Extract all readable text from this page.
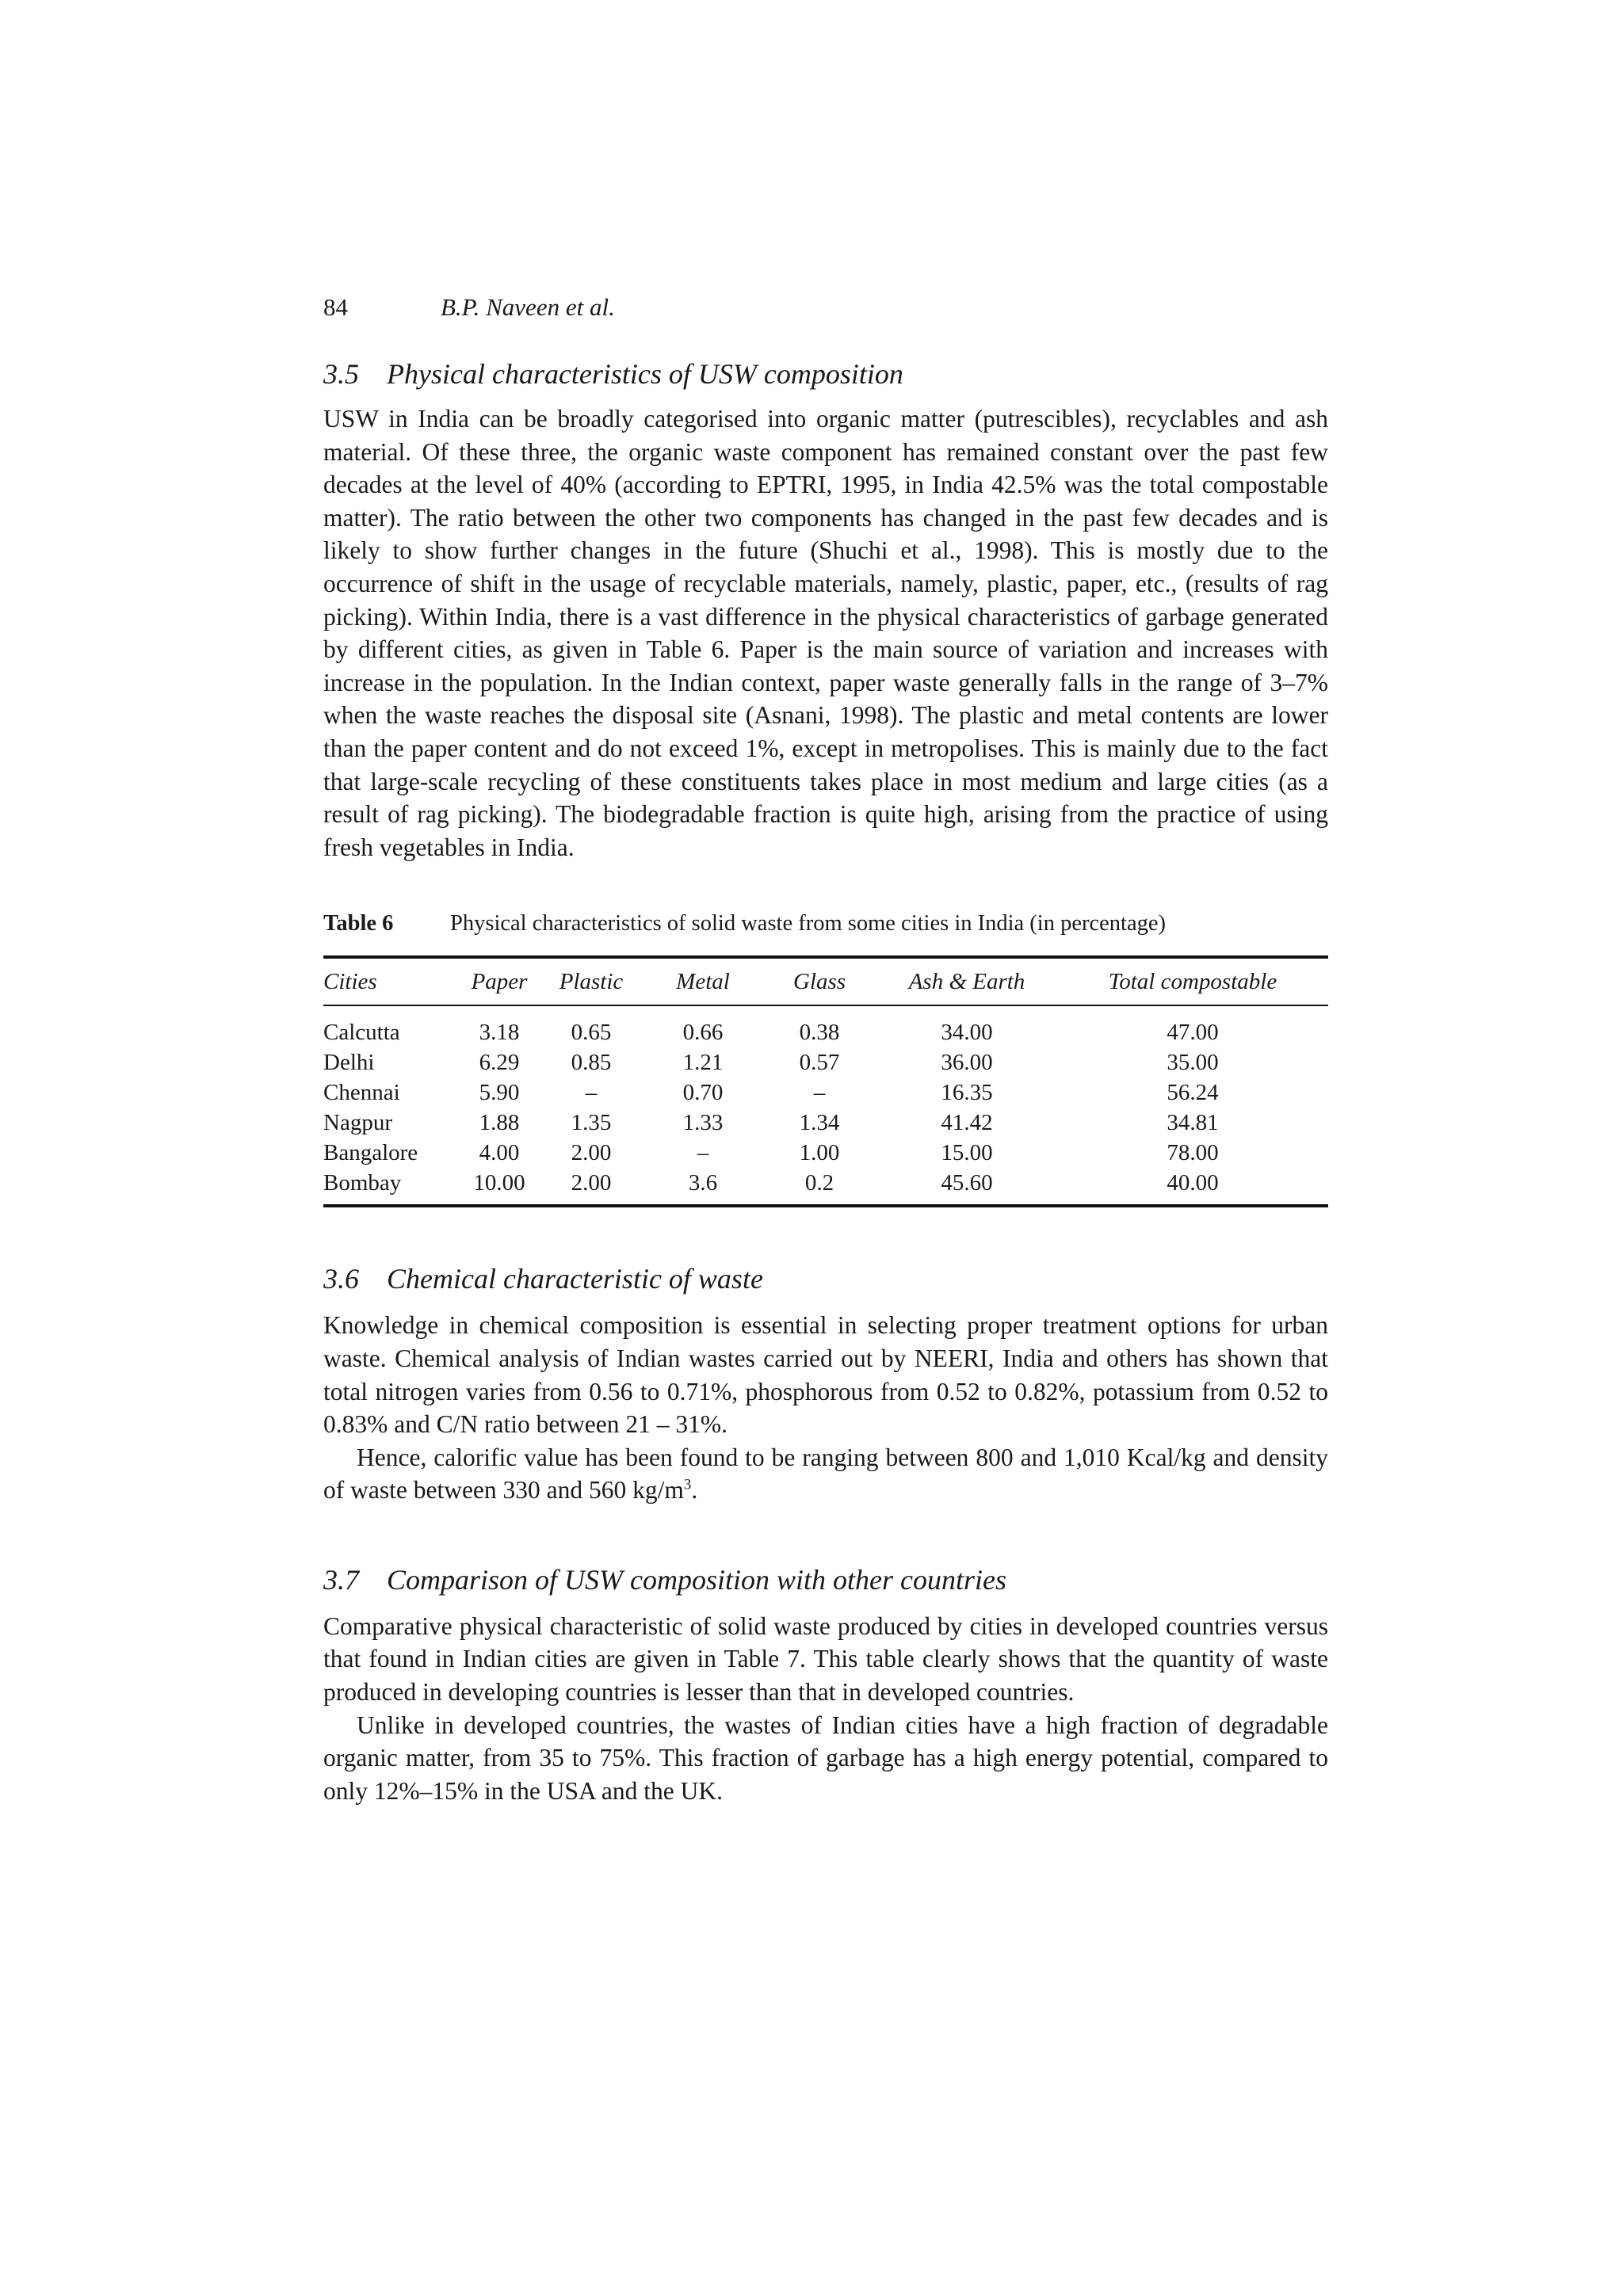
84	B.P. Naveen et al.
3.5 Physical characteristics of USW composition

USW in India can be broadly categorised into organic matter (putrescibles), recyclables and ash material. Of these three, the organic waste component has remained constant over the past few decades at the level of 40% (according to EPTRI, 1995, in India 42.5% was the total compostable matter). The ratio between the other two components has changed in the past few decades and is likely to show further changes in the future (Shuchi et al., 1998). This is mostly due to the occurrence of shift in the usage of recyclable materials, namely, plastic, paper, etc., (results of rag picking). Within India, there is a vast difference in the physical characteristics of garbage generated by different cities, as given in Table 6. Paper is the main source of variation and increases with increase in the population. In the Indian context, paper waste generally falls in the range of 3–7% when the waste reaches the disposal site (Asnani, 1998). The plastic and metal contents are lower than the paper content and do not exceed 1%, except in metropolises. This is mainly due to the fact that large-scale recycling of these constituents takes place in most medium and large cities (as a result of rag picking). The biodegradable fraction is quite high, arising from the practice of using fresh vegetables in India.

Table 6	Physical characteristics of solid waste from some cities in India (in percentage)
Cities	Paper	Plastic	Metal	Glass	Ash & Earth	Total compostable
Calcutta	3.18	0.65	0.66	0.38	34.00	47.00
Delhi	6.29	0.85	1.21	0.57	36.00	35.00
Chennai	5.90	–	0.70	–	16.35	56.24
Nagpur	1.88	1.35	1.33	1.34	41.42	34.81
Bangalore	4.00	2.00	–	1.00	15.00	78.00
Bombay	10.00	2.00	3.6	0.2	45.60	40.00
3.6 Chemical characteristic of waste

Knowledge in chemical composition is essential in selecting proper treatment options for urban waste. Chemical analysis of Indian wastes carried out by NEERI, India and others has shown that total nitrogen varies from 0.56 to 0.71%, phosphorous from 0.52 to 0.82%, potassium from 0.52 to 0.83% and C/N ratio between 21 – 31%.

Hence, calorific value has been found to be ranging between 800 and 1,010 Kcal/kg and density of waste between 330 and 560 $kg/m^3$.

3.7 Comparison of USW composition with other countries

Comparative physical characteristic of solid waste produced by cities in developed countries versus that found in Indian cities are given in Table 7. This table clearly shows that the quantity of waste produced in developing countries is lesser than that in developed countries.

Unlike in developed countries, the wastes of Indian cities have a high fraction of degradable organic matter, from 35 to 75%. This fraction of garbage has a high energy potential, compared to only 12%–15% in the USA and the UK.
